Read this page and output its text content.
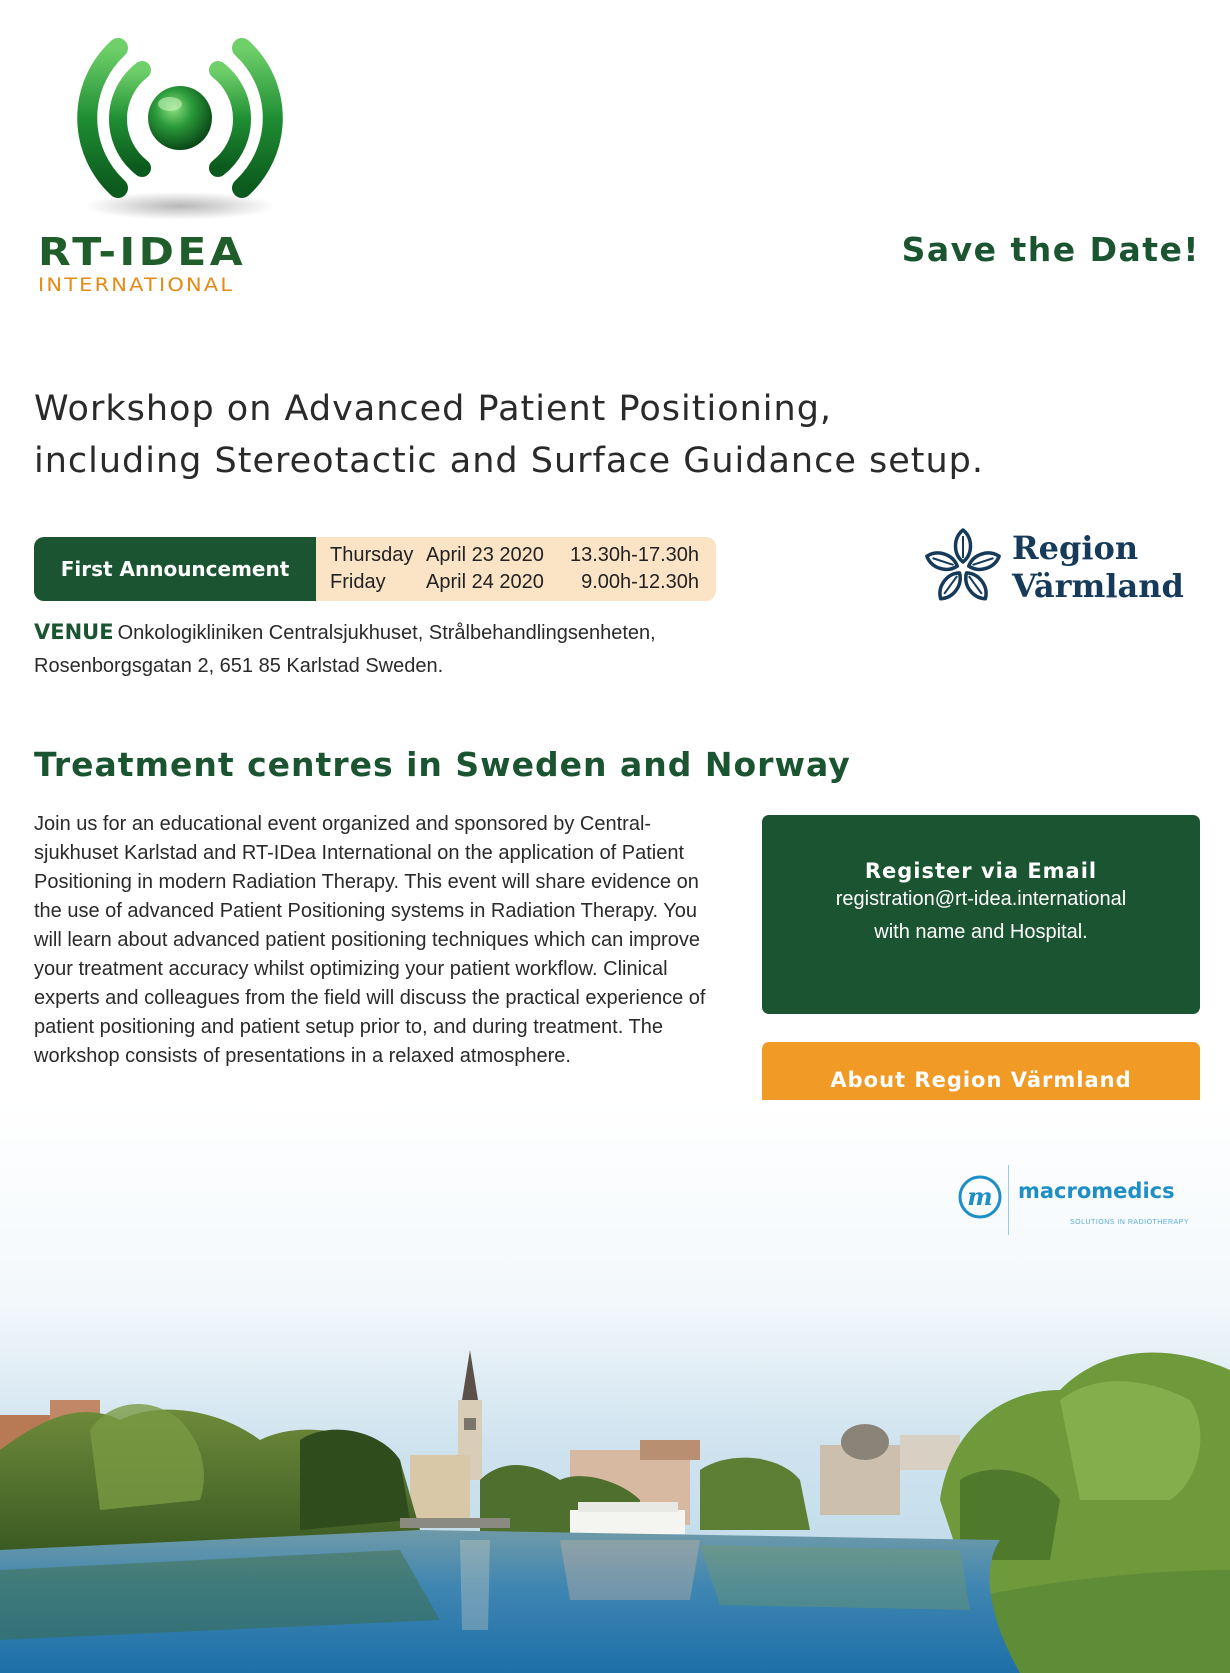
RT-IDEA
INTERNATIONAL
Save the Date!
Workshop on Advanced Patient Positioning,
including Stereotactic and Surface Guidance setup.
First Announcement
Thursday April 23 2020	13.30h-17.30h
Friday	April 24 2020	9.00h-12.30h
Region
Värmland
VENUE Onkologikliniken Centralsjukhuset, Strålbehandlingsenheten,
Rosenborgsgatan 2, 651 85 Karlstad Sweden.
Treatment centres in Sweden and Norway

Join us for an educational event organized and sponsored by Central-sjukhuset Karlstad and RT-IDea International on the application of Patient Positioning in modern Radiation Therapy. This event will share evidence on the use of advanced Patient Positioning systems in Radiation Therapy. You will learn about advanced patient positioning techniques which can improve your treatment accuracy whilst optimizing your patient workflow. Clinical experts and colleagues from the field will discuss the practical experience of patient positioning and patient setup prior to, and during treatment. The workshop consists of presentations in a relaxed atmosphere.

Register via Email
registration@rt-idea.international
with name and Hospital.
About Region Värmland
m macromedics
SOLUTIONS IN RADIOTHERAPY
